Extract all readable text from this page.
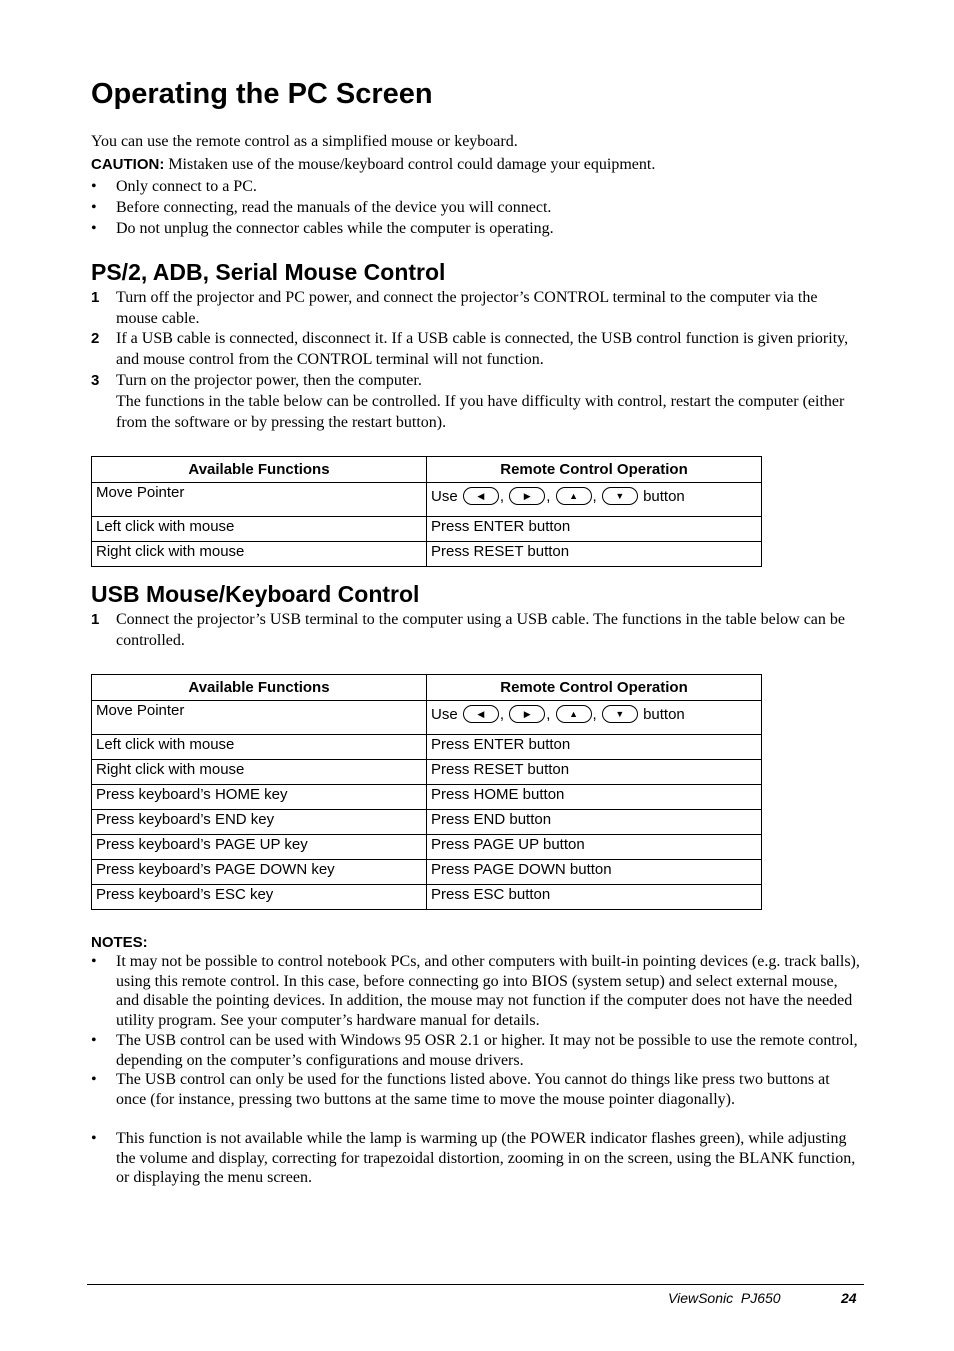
Operating the PC Screen

You can use the remote control as a simplified mouse or keyboard.

CAUTION: Mistaken use of the mouse/keyboard control could damage your equipment.

• Only connect to a PC.
• Before connecting, read the manuals of the device you will connect.
• Do not unplug the connector cables while the computer is operating.
PS/2, ADB, Serial Mouse Control
1 Turn off the projector and PC power, and connect the projector’s CONTROL terminal to the computer via the mouse cable.
2 If a USB cable is connected, disconnect it. If a USB cable is connected, the USB control function is given priority, and mouse control from the CONTROL terminal will not function.
3 Turn on the projector power, then the computer.
The functions in the table below can be controlled. If you have difficulty with control, restart the computer (either from the software or by pressing the restart button).
Available Functions	Remote Control Operation
Move Pointer	Use ◀ , ▶ , ▲ , ▼ button
Left click with mouse	Press ENTER button
Right click with mouse	Press RESET button
USB Mouse/Keyboard Control
1 Connect the projector’s USB terminal to the computer using a USB cable. The functions in the table below can be controlled.
Available Functions	Remote Control Operation
Move Pointer	Use ◀ , ▶ , ▲ , ▼ button
Left click with mouse	Press ENTER button
Right click with mouse	Press RESET button
Press keyboard’s HOME key	Press HOME button
Press keyboard’s END key	Press END button
Press keyboard’s PAGE UP key	Press PAGE UP button
Press keyboard’s PAGE DOWN key	Press PAGE DOWN button
Press keyboard’s ESC key	Press ESC button
NOTES:
• It may not be possible to control notebook PCs, and other computers with built-in pointing devices (e.g. track balls), using this remote control. In this case, before connecting go into BIOS (system setup) and select external mouse, and disable the pointing devices. In addition, the mouse may not function if the computer does not have the needed utility program. See your computer’s hardware manual for details.
• The USB control can be used with Windows 95 OSR 2.1 or higher. It may not be possible to use the remote control, depending on the computer’s configurations and mouse drivers.
• The USB control can only be used for the functions listed above. You cannot do things like press two buttons at once (for instance, pressing two buttons at the same time to move the mouse pointer diagonally).
• This function is not available while the lamp is warming up (the POWER indicator flashes green), while adjusting the volume and display, correcting for trapezoidal distortion, zooming in on the screen, using the BLANK function, or displaying the menu screen.
ViewSonic  PJ650	24
